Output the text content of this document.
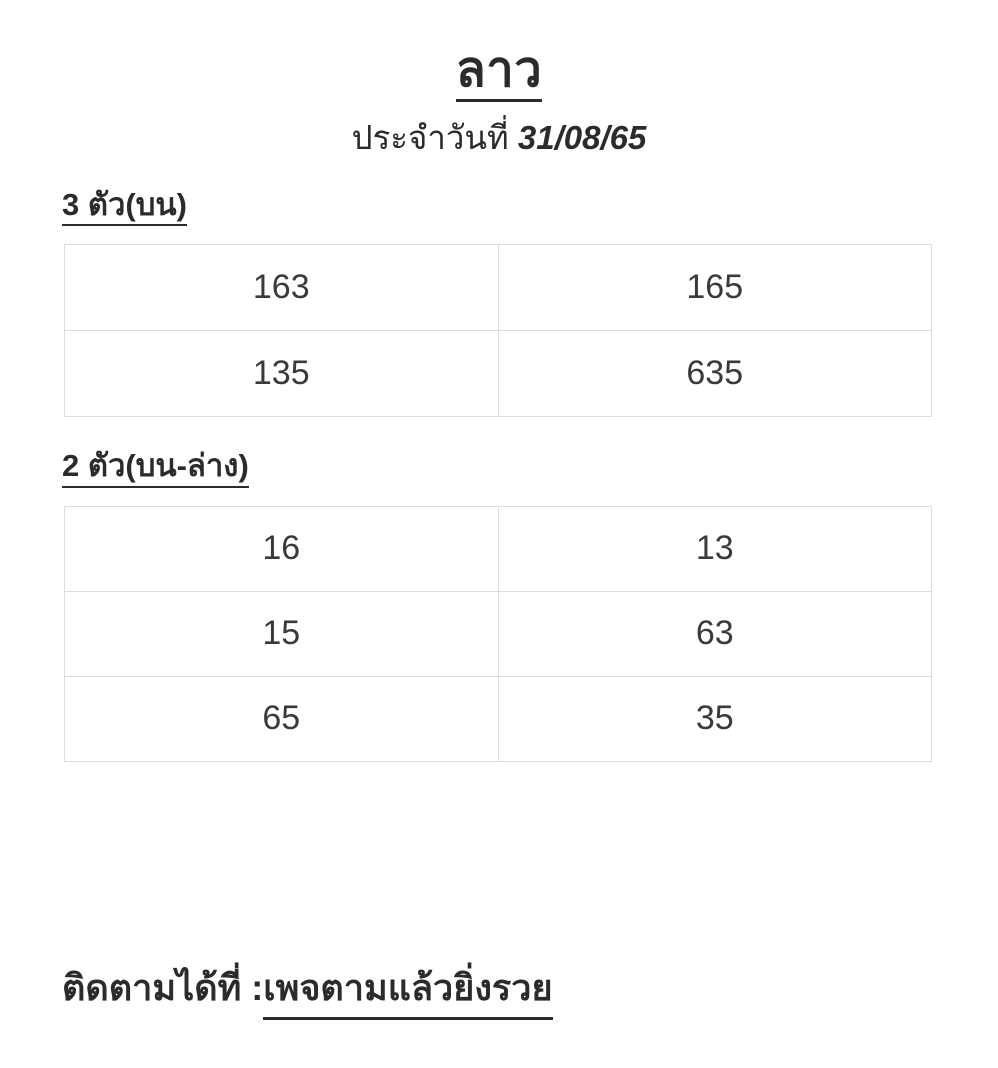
ลาว
ประจำวันที่ 31/08/65
3 ตัว(บน)
163	165
135	635
2 ตัว(บน-ล่าง)
16	13
15	63
65	35
ติดตามได้ที่ :เพจตามแล้วยิ่งรวย
